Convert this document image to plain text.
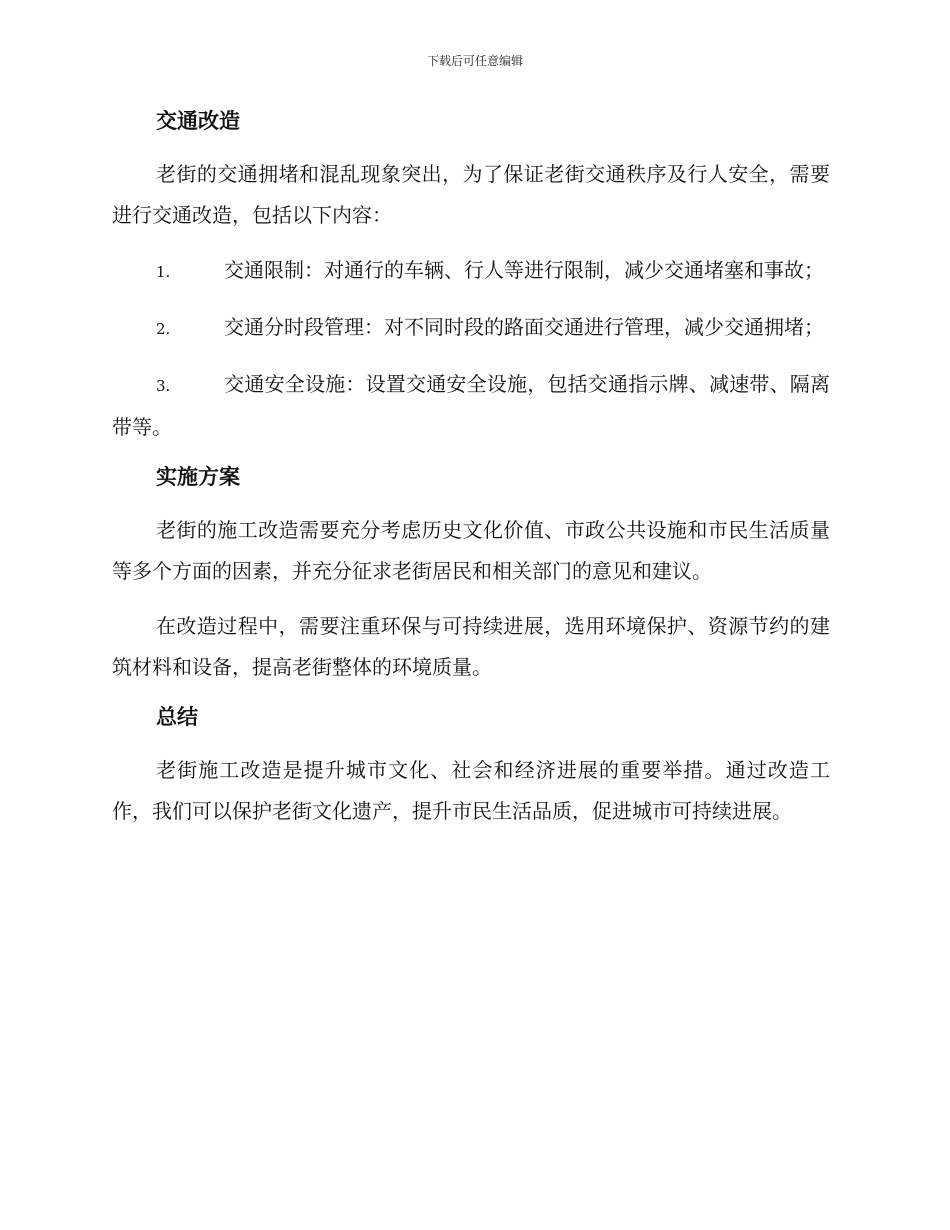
下载后可任意编辑
交通改造

老街的交通拥堵和混乱现象突出，为了保证老街交通秩序及行人安全，需要进行交通改造，包括以下内容：

1.	交通限制：对通行的车辆、行人等进行限制，减少交通堵塞和事故；
2.	交通分时段管理：对不同时段的路面交通进行管理，减少交通拥堵；
3.	交通安全设施：设置交通安全设施，包括交通指示牌、减速带、隔离带等。
实施方案

老街的施工改造需要充分考虑历史文化价值、市政公共设施和市民生活质量等多个方面的因素，并充分征求老街居民和相关部门的意见和建议。

在改造过程中，需要注重环保与可持续进展，选用环境保护、资源节约的建筑材料和设备，提高老街整体的环境质量。

总结

老街施工改造是提升城市文化、社会和经济进展的重要举措。通过改造工作，我们可以保护老街文化遗产，提升市民生活品质，促进城市可持续进展。
